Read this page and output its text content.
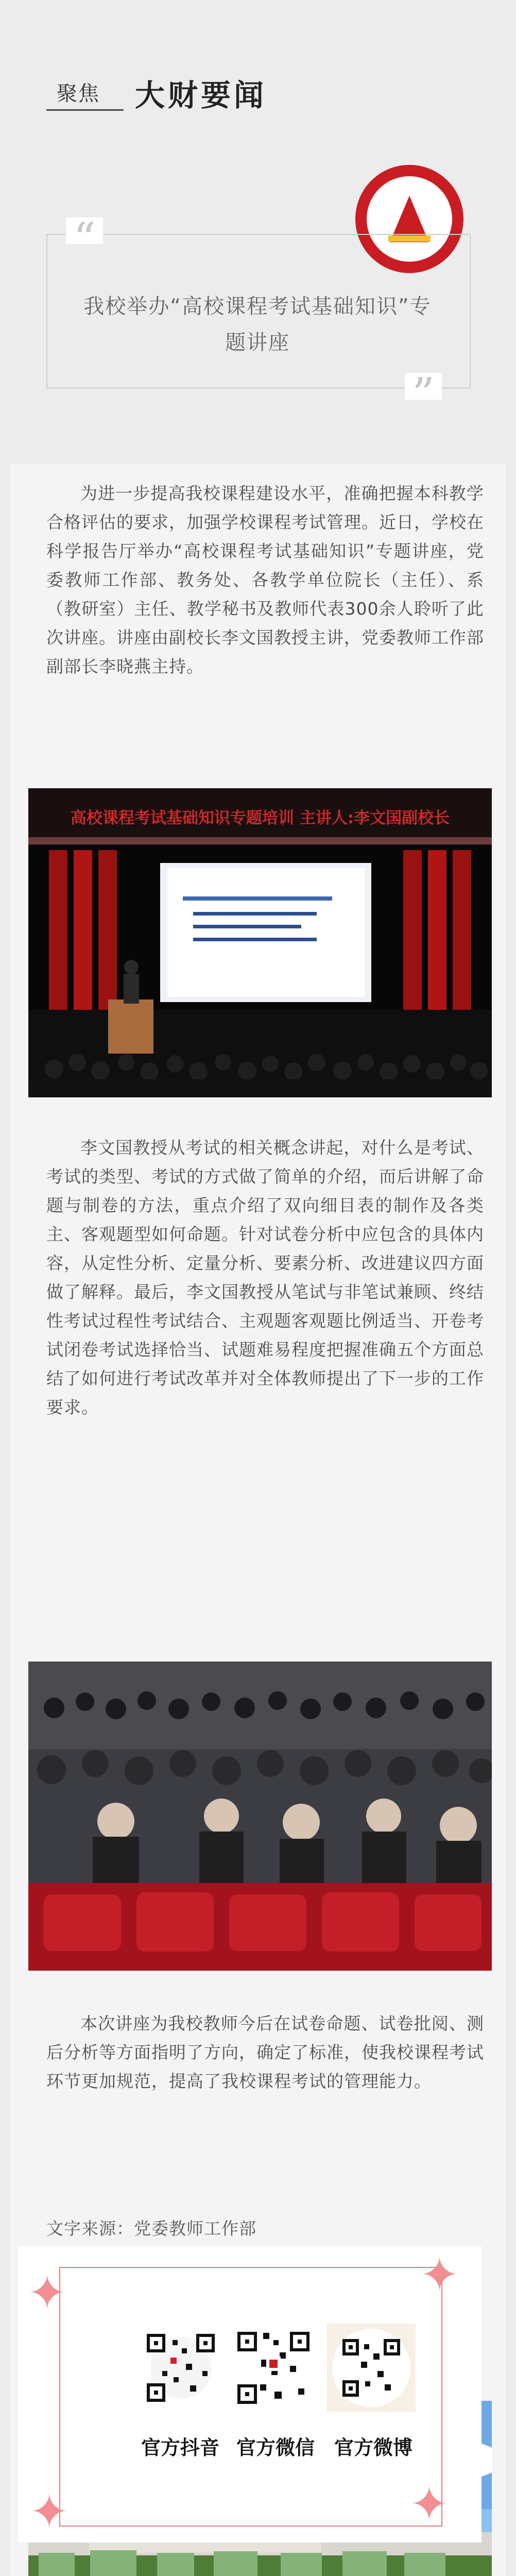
聚焦 大财要闻
“
”
我校举办“高校课程考试基础知识”专题讲座
为进一步提高我校课程建设水平，准确把握本科教学合格评估的要求，加强学校课程考试管理。近日，学校在科学报告厅举办“高校课程考试基础知识”专题讲座，党委教师工作部、教务处、各教学单位院长（主任）、系（教研室）主任、教学秘书及教师代表300余人聆听了此次讲座。讲座由副校长李文国教授主讲，党委教师工作部副部长李晓燕主持。
高校课程考试基础知识专题培训 主讲人:李文国副校长
李文国教授从考试的相关概念讲起，对什么是考试、考试的类型、考试的方式做了简单的介绍，而后讲解了命题与制卷的方法，重点介绍了双向细目表的制作及各类主、客观题型如何命题。针对试卷分析中应包含的具体内容，从定性分析、定量分析、要素分析、改进建议四方面做了解释。最后，李文国教授从笔试与非笔试兼顾、终结性考试过程性考试结合、主观题客观题比例适当、开卷考试闭卷考试选择恰当、试题难易程度把握准确五个方面总结了如何进行考试改革并对全体教师提出了下一步的工作要求。
本次讲座为我校教师今后在试卷命题、试卷批阅、测后分析等方面指明了方向，确定了标准，使我校课程考试环节更加规范，提高了我校课程考试的管理能力。
文字来源：党委教师工作部
✦	✦
✦
✦
官方抖音 官方微信 官方微博
